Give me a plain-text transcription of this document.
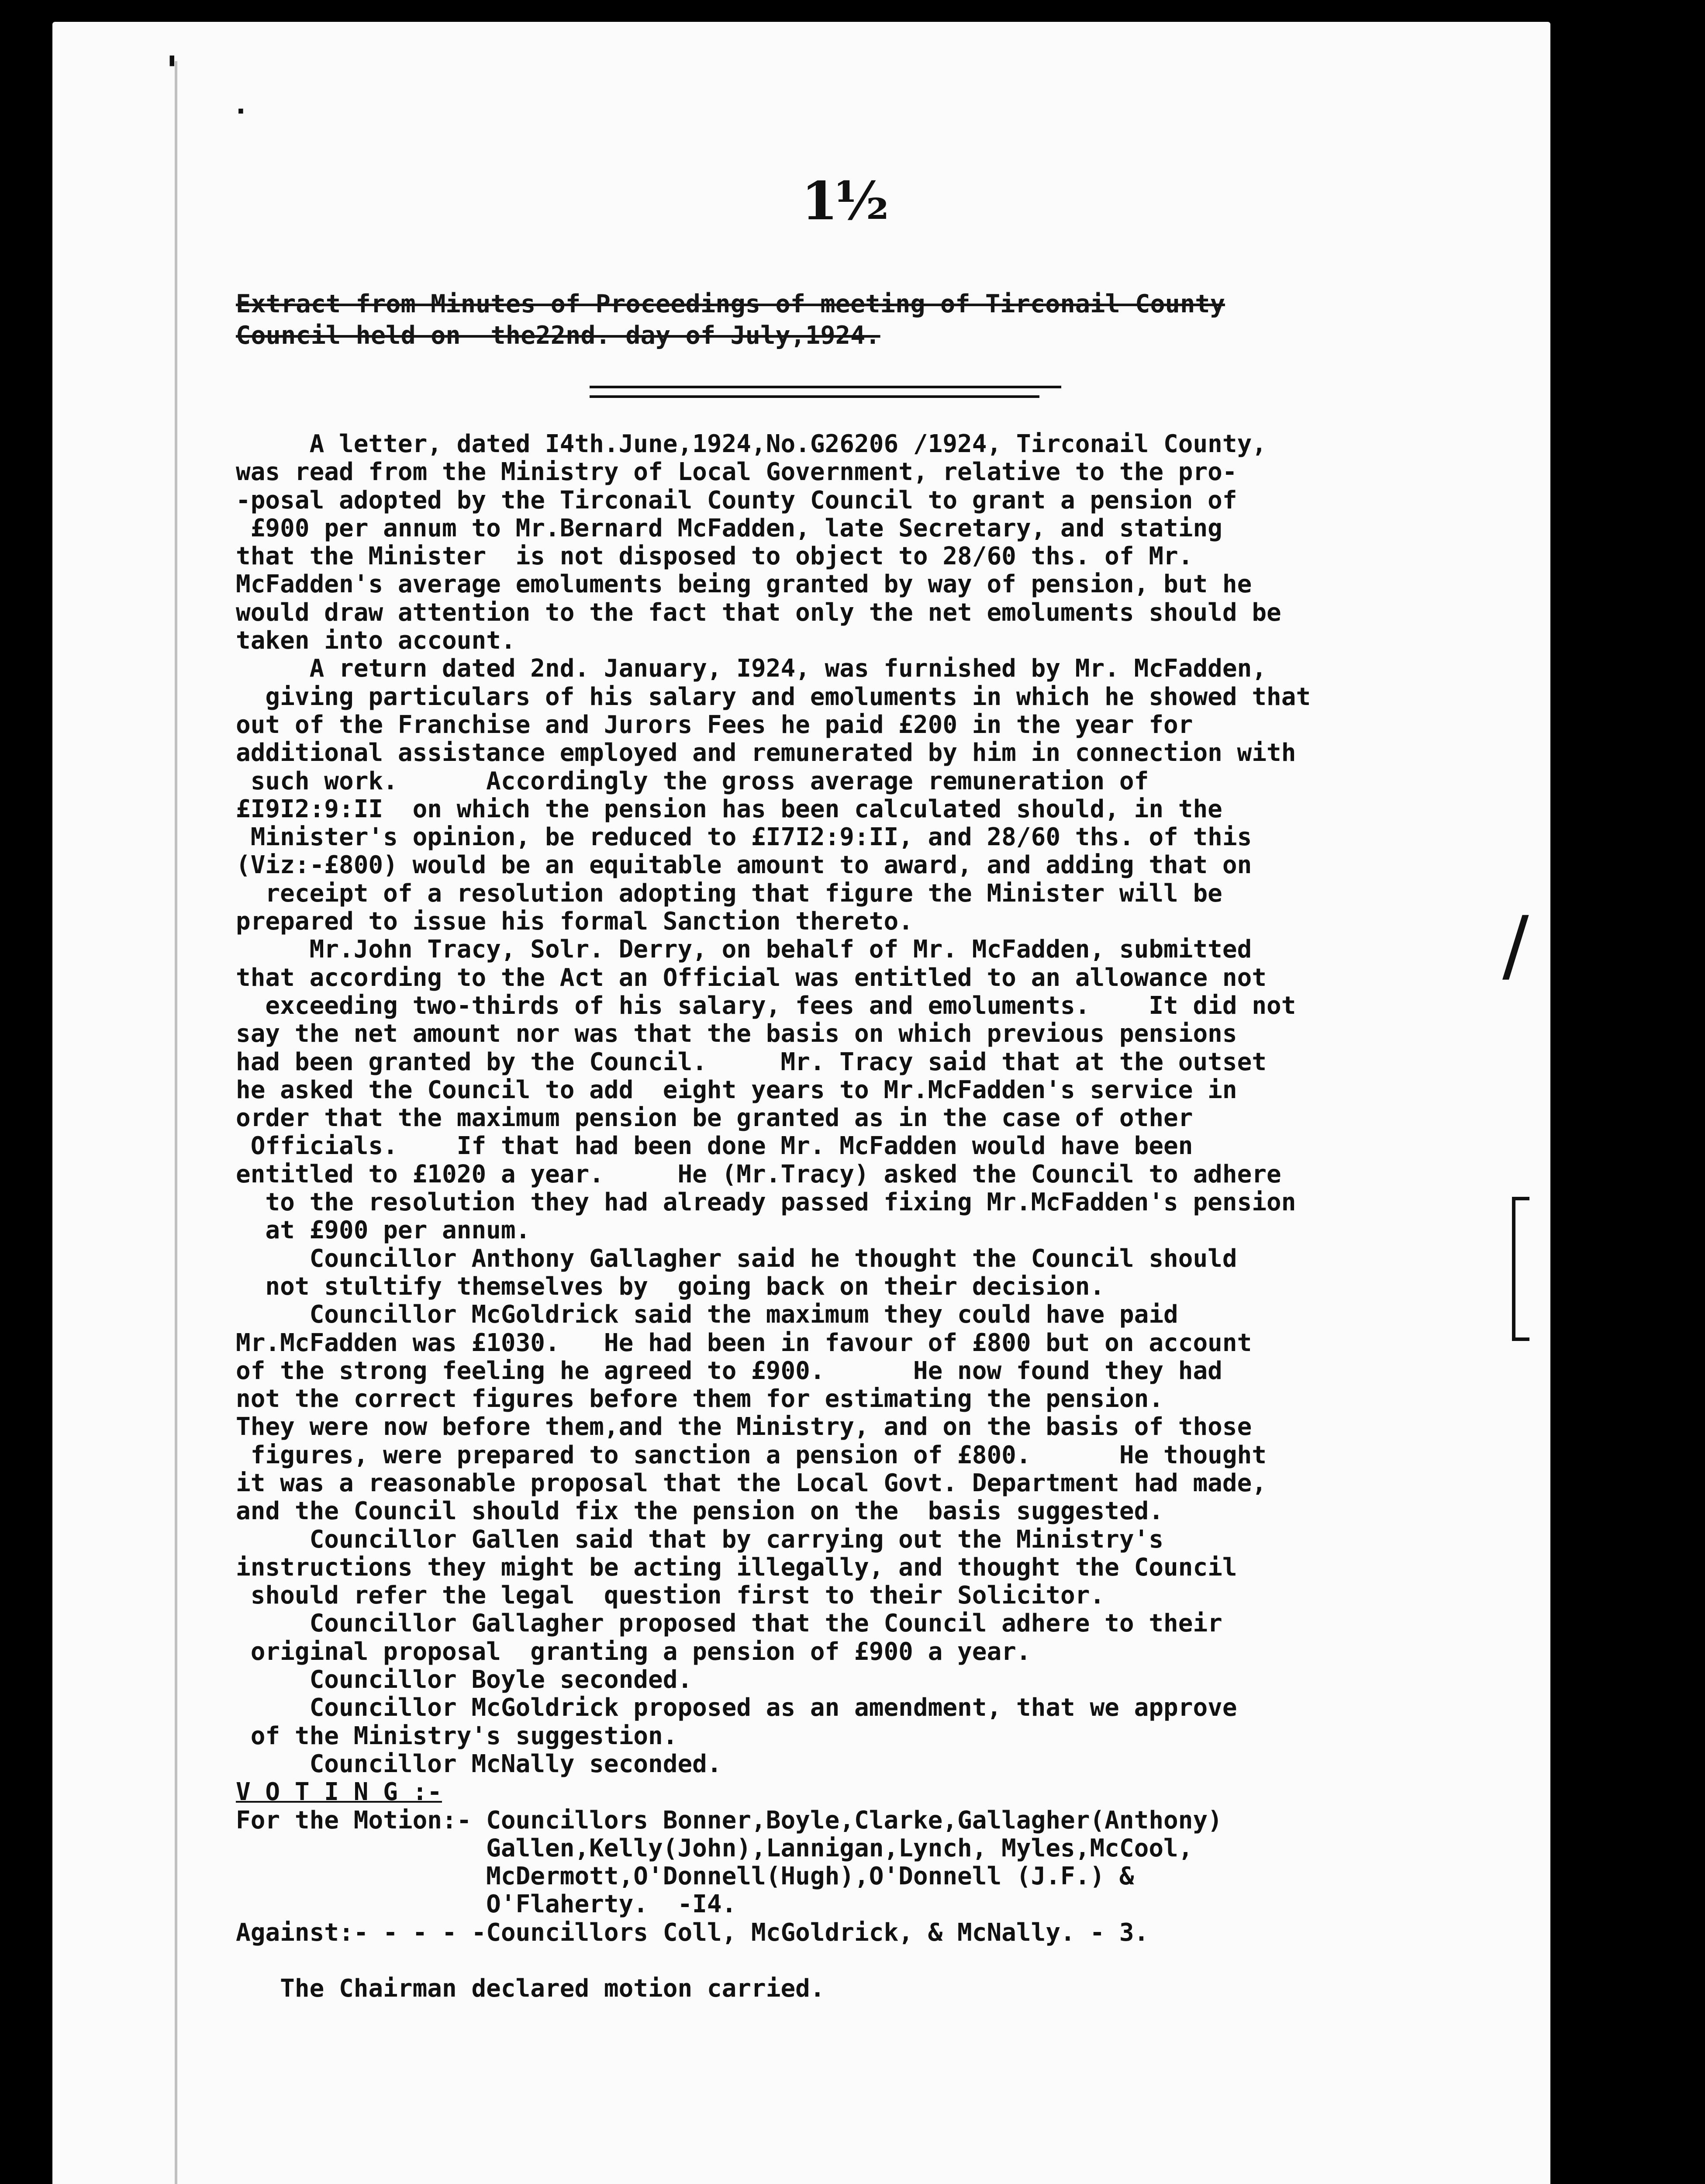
1½

Extract from Minutes of Proceedings of meeting of Tirconail County

Council held on  the22nd. day of July,1924.

A letter, dated I4th.June,1924,No.G26206 /1924, Tirconail County,

was read from the Ministry of Local Government, relative to the pro-

-posal adopted by the Tirconail County Council to grant a pension of

£900 per annum to Mr.Bernard McFadden, late Secretary, and stating

that the Minister  is not disposed to object to 28/60 ths. of Mr.

McFadden's average emoluments being granted by way of pension, but he

would draw attention to the fact that only the net emoluments should be

taken into account.

A return dated 2nd. January, I924, was furnished by Mr. McFadden,

giving particulars of his salary and emoluments in which he showed that

out of the Franchise and Jurors Fees he paid £200 in the year for

additional assistance employed and remunerated by him in connection with

such work.      Accordingly the gross average remuneration of

£I9I2:9:II  on which the pension has been calculated should, in the

Minister's opinion, be reduced to £I7I2:9:II, and 28/60 ths. of this

(Viz:-£800) would be an equitable amount to award, and adding that on

receipt of a resolution adopting that figure the Minister will be

prepared to issue his formal Sanction thereto.

Mr.John Tracy, Solr. Derry, on behalf of Mr. McFadden, submitted

that according to the Act an Official was entitled to an allowance not

exceeding two-thirds of his salary, fees and emoluments.    It did not

say the net amount nor was that the basis on which previous pensions

had been granted by the Council.     Mr. Tracy said that at the outset

he asked the Council to add  eight years to Mr.McFadden's service in

order that the maximum pension be granted as in the case of other

Officials.    If that had been done Mr. McFadden would have been

entitled to £1020 a year.     He (Mr.Tracy) asked the Council to adhere

to the resolution they had already passed fixing Mr.McFadden's pension

at £900 per annum.

Councillor Anthony Gallagher said he thought the Council should

not stultify themselves by  going back on their decision.

Councillor McGoldrick said the maximum they could have paid

Mr.McFadden was £1030.   He had been in favour of £800 but on account

of the strong feeling he agreed to £900.      He now found they had

not the correct figures before them for estimating the pension.

They were now before them,and the Ministry, and on the basis of those

figures, were prepared to sanction a pension of £800.      He thought

it was a reasonable proposal that the Local Govt. Department had made,

and the Council should fix the pension on the  basis suggested.

Councillor Gallen said that by carrying out the Ministry's

instructions they might be acting illegally, and thought the Council

should refer the legal  question first to their Solicitor.

Councillor Gallagher proposed that the Council adhere to their

original proposal  granting a pension of £900 a year.

Councillor Boyle seconded.

Councillor McGoldrick proposed as an amendment, that we approve

of the Ministry's suggestion.

Councillor McNally seconded.

V O T I N G :-

For the Motion:- Councillors Bonner,Boyle,Clarke,Gallagher(Anthony)

Gallen,Kelly(John),Lannigan,Lynch, Myles,McCool,

McDermott,O'Donnell(Hugh),O'Donnell (J.F.) &

O'Flaherty.  -I4.

Against:- - - - -Councillors Coll, McGoldrick, & McNally. - 3.

The Chairman declared motion carried.

'
·
/
